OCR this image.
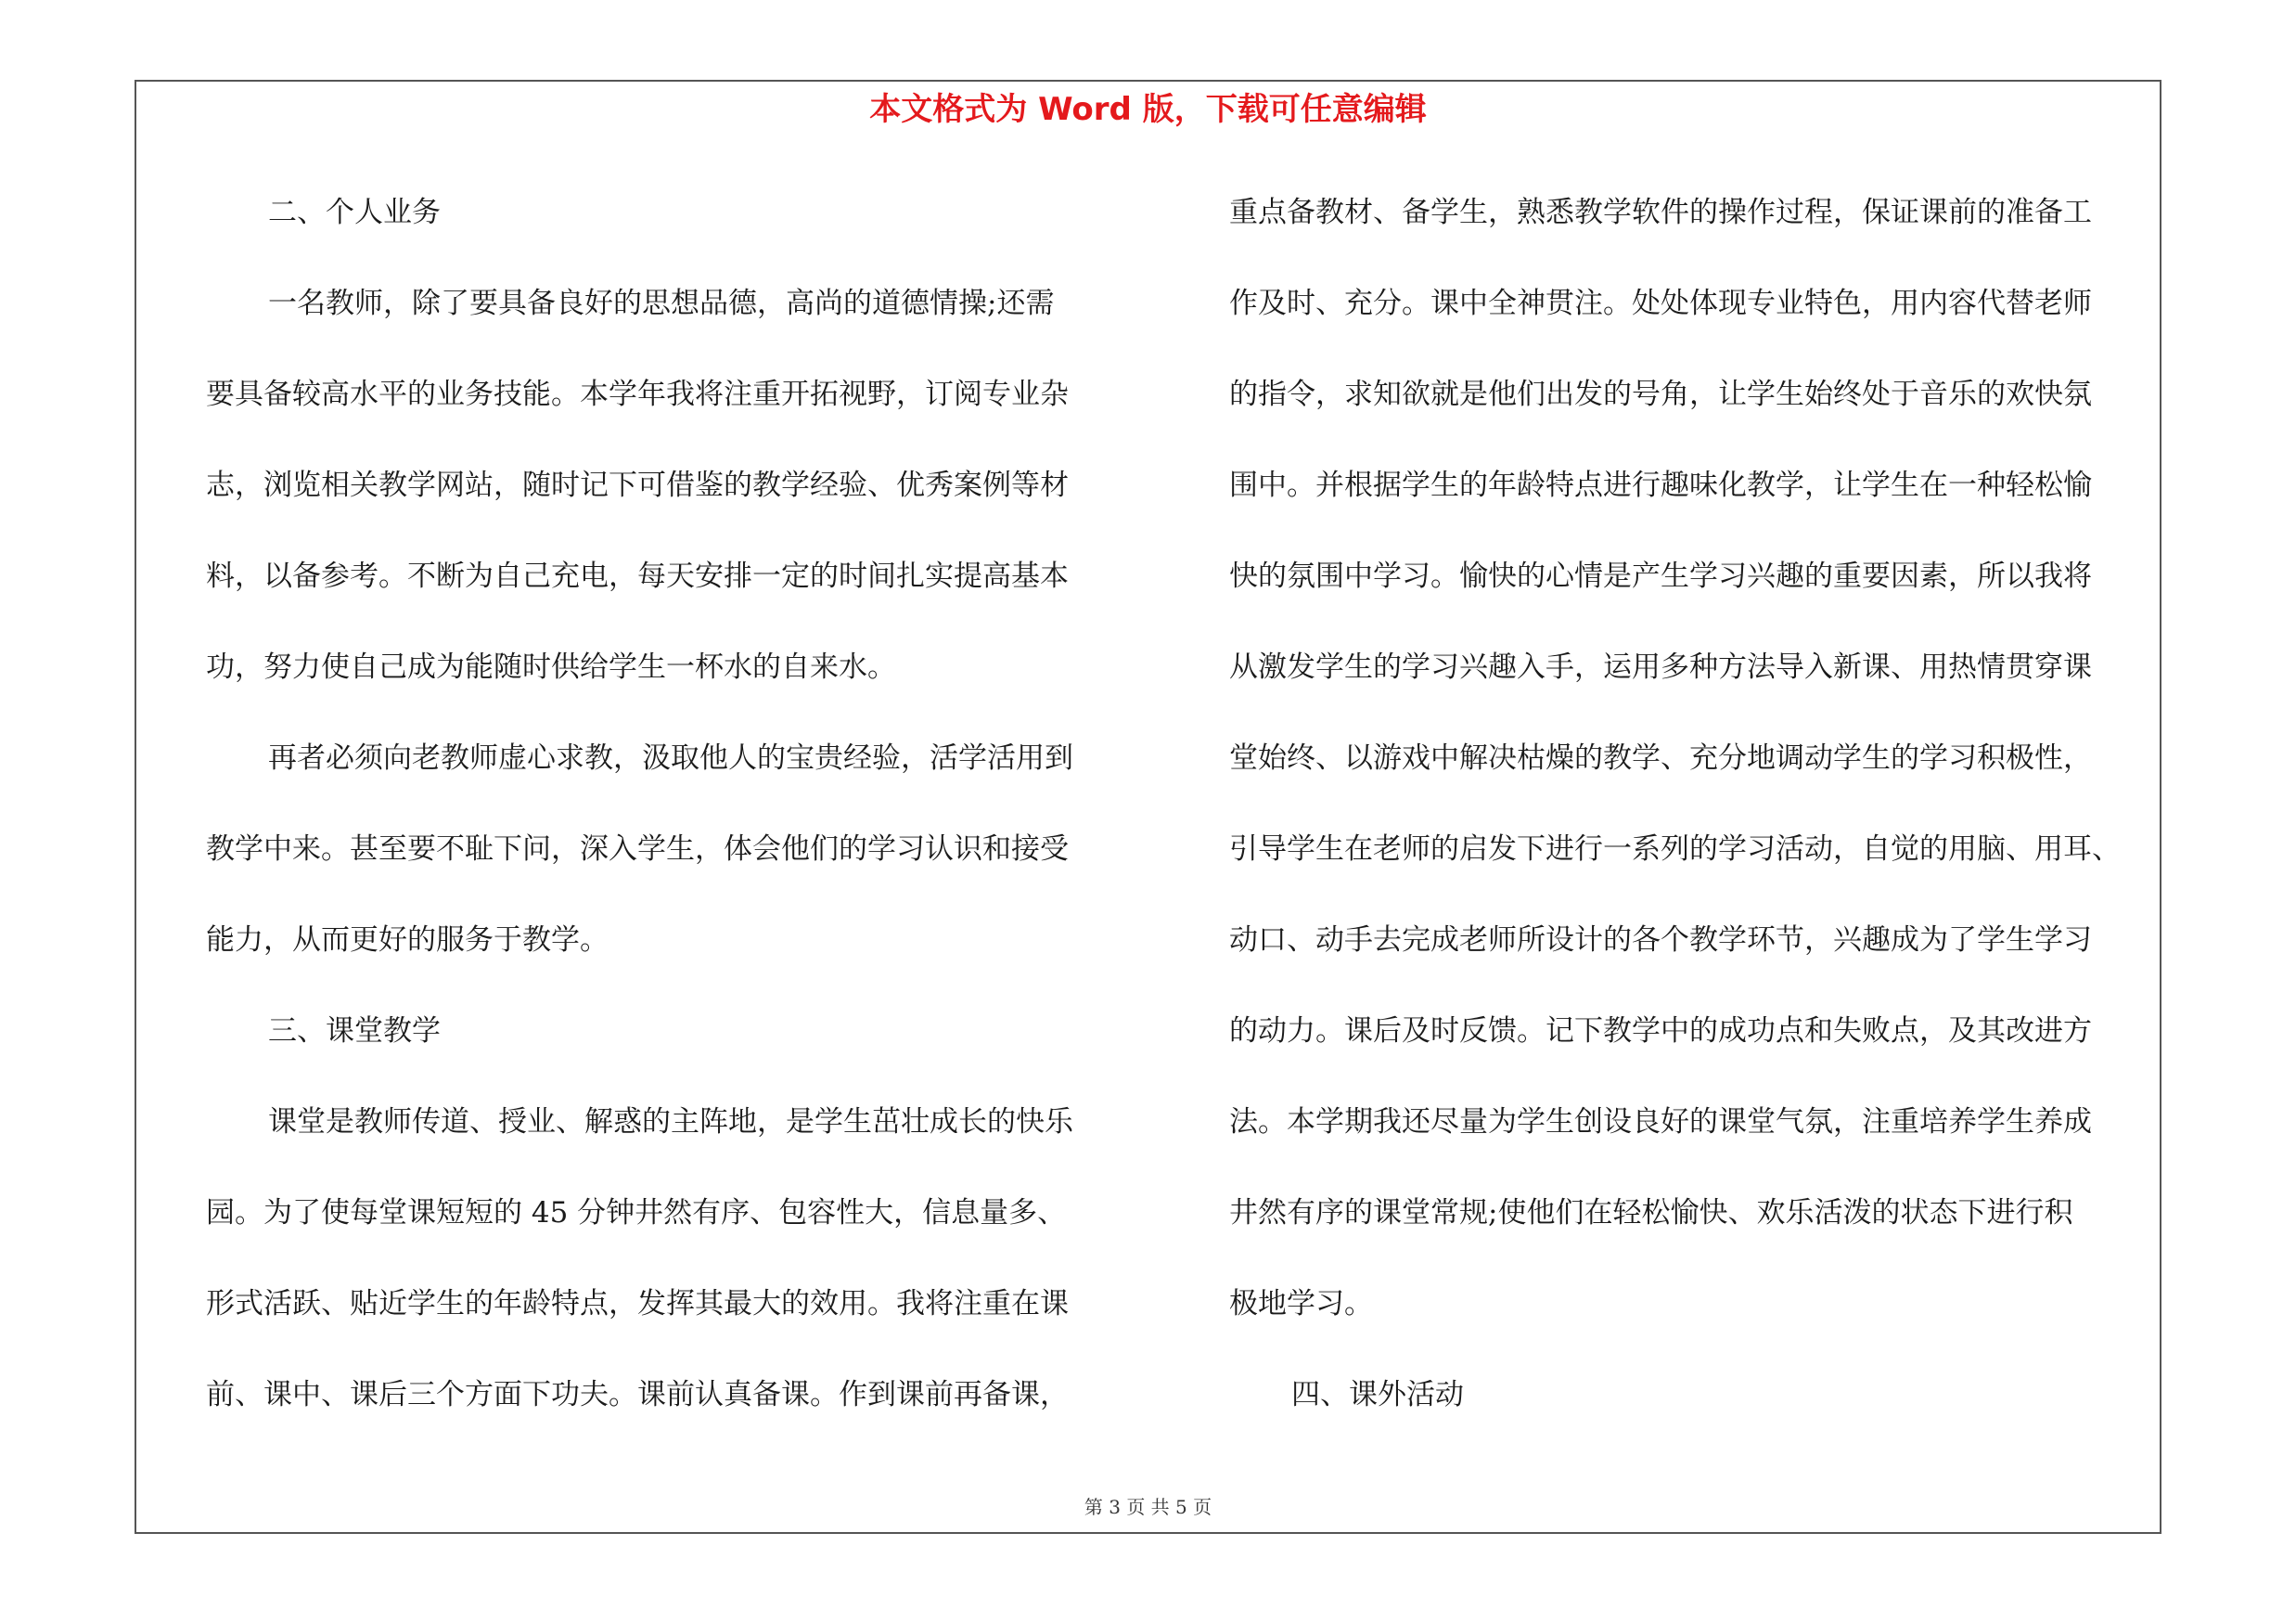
本文格式为 Word 版，下载可任意编辑
二、个人业务
一名教师，除了要具备良好的思想品德，高尚的道德情操;还需
要具备较高水平的业务技能。本学年我将注重开拓视野，订阅专业杂
志，浏览相关教学网站，随时记下可借鉴的教学经验、优秀案例等材
料，以备参考。不断为自己充电，每天安排一定的时间扎实提高基本
功，努力使自己成为能随时供给学生一杯水的自来水。
再者必须向老教师虚心求教，汲取他人的宝贵经验，活学活用到
教学中来。甚至要不耻下问，深入学生，体会他们的学习认识和接受
能力，从而更好的服务于教学。
三、课堂教学
课堂是教师传道、授业、解惑的主阵地，是学生茁壮成长的快乐
园。为了使每堂课短短的 45 分钟井然有序、包容性大，信息量多、
形式活跃、贴近学生的年龄特点，发挥其最大的效用。我将注重在课
前、课中、课后三个方面下功夫。课前认真备课。作到课前再备课，
重点备教材、备学生，熟悉教学软件的操作过程，保证课前的准备工
作及时、充分。课中全神贯注。处处体现专业特色，用内容代替老师
的指令，求知欲就是他们出发的号角，让学生始终处于音乐的欢快氛
围中。并根据学生的年龄特点进行趣味化教学，让学生在一种轻松愉
快的氛围中学习。愉快的心情是产生学习兴趣的重要因素，所以我将
从激发学生的学习兴趣入手，运用多种方法导入新课、用热情贯穿课
堂始终、以游戏中解决枯燥的教学、充分地调动学生的学习积极性，
引导学生在老师的启发下进行一系列的学习活动，自觉的用脑、用耳、
动口、动手去完成老师所设计的各个教学环节，兴趣成为了学生学习
的动力。课后及时反馈。记下教学中的成功点和失败点，及其改进方
法。本学期我还尽量为学生创设良好的课堂气氛，注重培养学生养成
井然有序的课堂常规;使他们在轻松愉快、欢乐活泼的状态下进行积
极地学习。
四、课外活动
第 3 页 共 5 页
